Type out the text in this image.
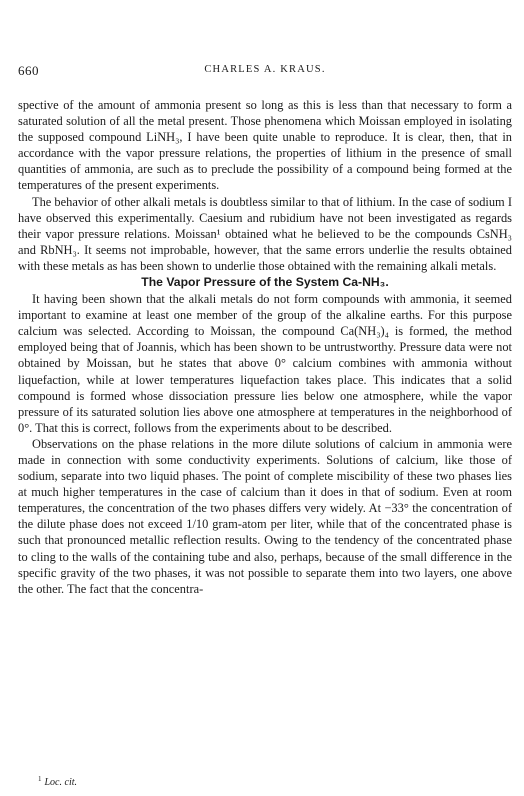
660	CHARLES A. KRAUS.

spective of the amount of ammonia present so long as this is less than that necessary to form a saturated solution of all the metal present. Those phenomena which Moissan employed in isolating the supposed compound LiNH₃, I have been quite unable to reproduce. It is clear, then, that in accordance with the vapor pressure relations, the properties of lithium in the presence of small quantities of ammonia, are such as to preclude the possibility of a compound being formed at the temperatures of the present experiments.

The behavior of other alkali metals is doubtless similar to that of lithium. In the case of sodium I have observed this experimentally. Caesium and rubidium have not been investigated as regards their vapor pressure relations. Moissan¹ obtained what he believed to be the compounds CsNH₃ and RbNH₃. It seems not improbable, however, that the same errors underlie the results obtained with these metals as has been shown to underlie those obtained with the remaining alkali metals.

The Vapor Pressure of the System Ca-NH₃.

It having been shown that the alkali metals do not form compounds with ammonia, it seemed important to examine at least one member of the group of the alkaline earths. For this purpose calcium was selected. According to Moissan, the compound Ca(NH₃)₄ is formed, the method employed being that of Joannis, which has been shown to be untrustworthy. Pressure data were not obtained by Moissan, but he states that above 0° calcium combines with ammonia without liquefaction, while at lower temperatures liquefaction takes place. This indicates that a solid compound is formed whose dissociation pressure lies below one atmosphere, while the vapor pressure of its saturated solution lies above one atmosphere at temperatures in the neighborhood of 0°. That this is correct, follows from the experiments about to be described.

Observations on the phase relations in the more dilute solutions of calcium in ammonia were made in connection with some conductivity experiments. Solutions of calcium, like those of sodium, separate into two liquid phases. The point of complete miscibility of these two phases lies at much higher temperatures in the case of calcium than it does in that of sodium. Even at room temperatures, the concentration of the two phases differs very widely. At −33° the concentration of the dilute phase does not exceed 1/10 gram-atom per liter, while that of the concentrated phase is such that pronounced metallic reflection results. Owing to the tendency of the concentrated phase to cling to the walls of the containing tube and also, perhaps, because of the small difference in the specific gravity of the two phases, it was not possible to separate them into two layers, one above the other. The fact that the concentra-

$^1$ Loc. cit.
